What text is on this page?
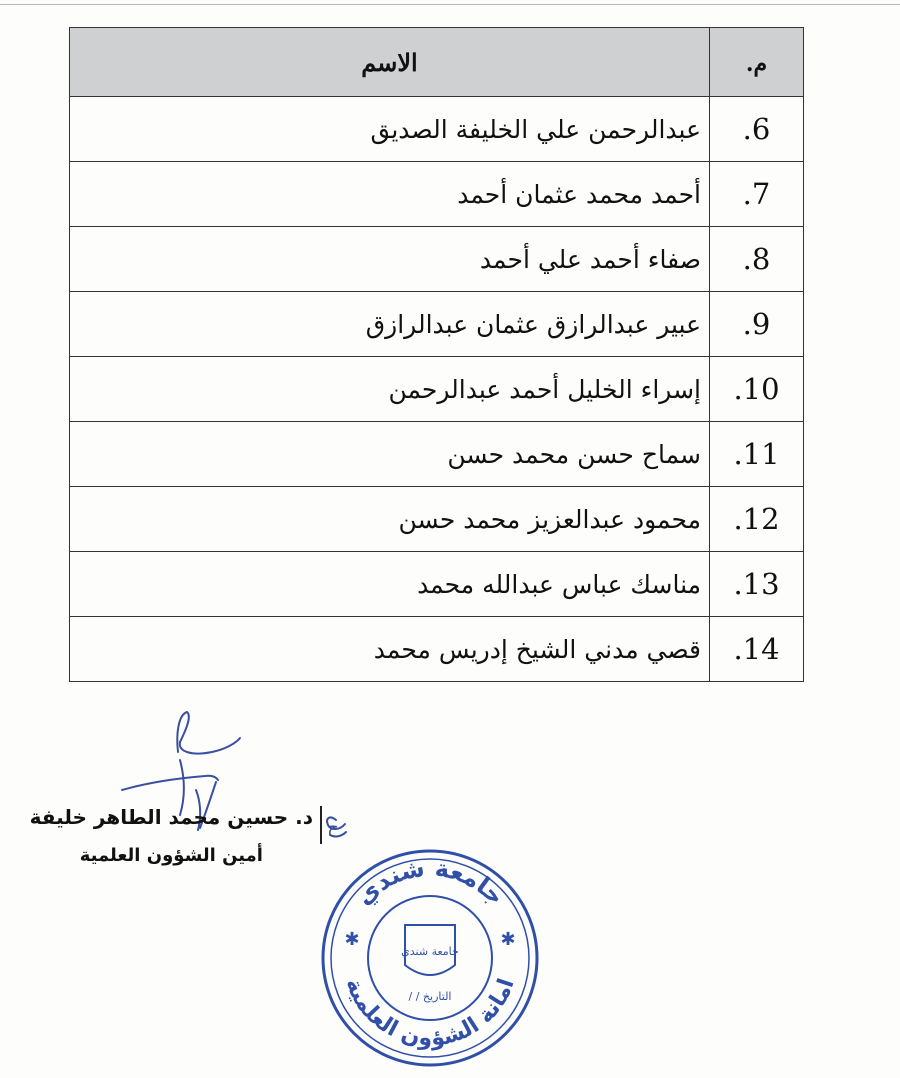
م.	الاسم
6.	عبدالرحمن علي الخليفة الصديق
7.	أحمد محمد عثمان أحمد
8.	صفاء أحمد علي أحمد
9.	عبير عبدالرازق عثمان عبدالرازق
10.	إسراء الخليل أحمد عبدالرحمن
11.	سماح حسن محمد حسن
12.	محمود عبدالعزيز محمد حسن
13.	مناسك عباس عبدالله محمد
14.	قصي مدني الشيخ إدريس محمد
ح
د. حسين محمد الطاهر خليفة
أمين الشؤون العلمية
جامعة شندي
امانة الشؤون العلمية
✱	✱
جامعة شندي
التاريخ / /
